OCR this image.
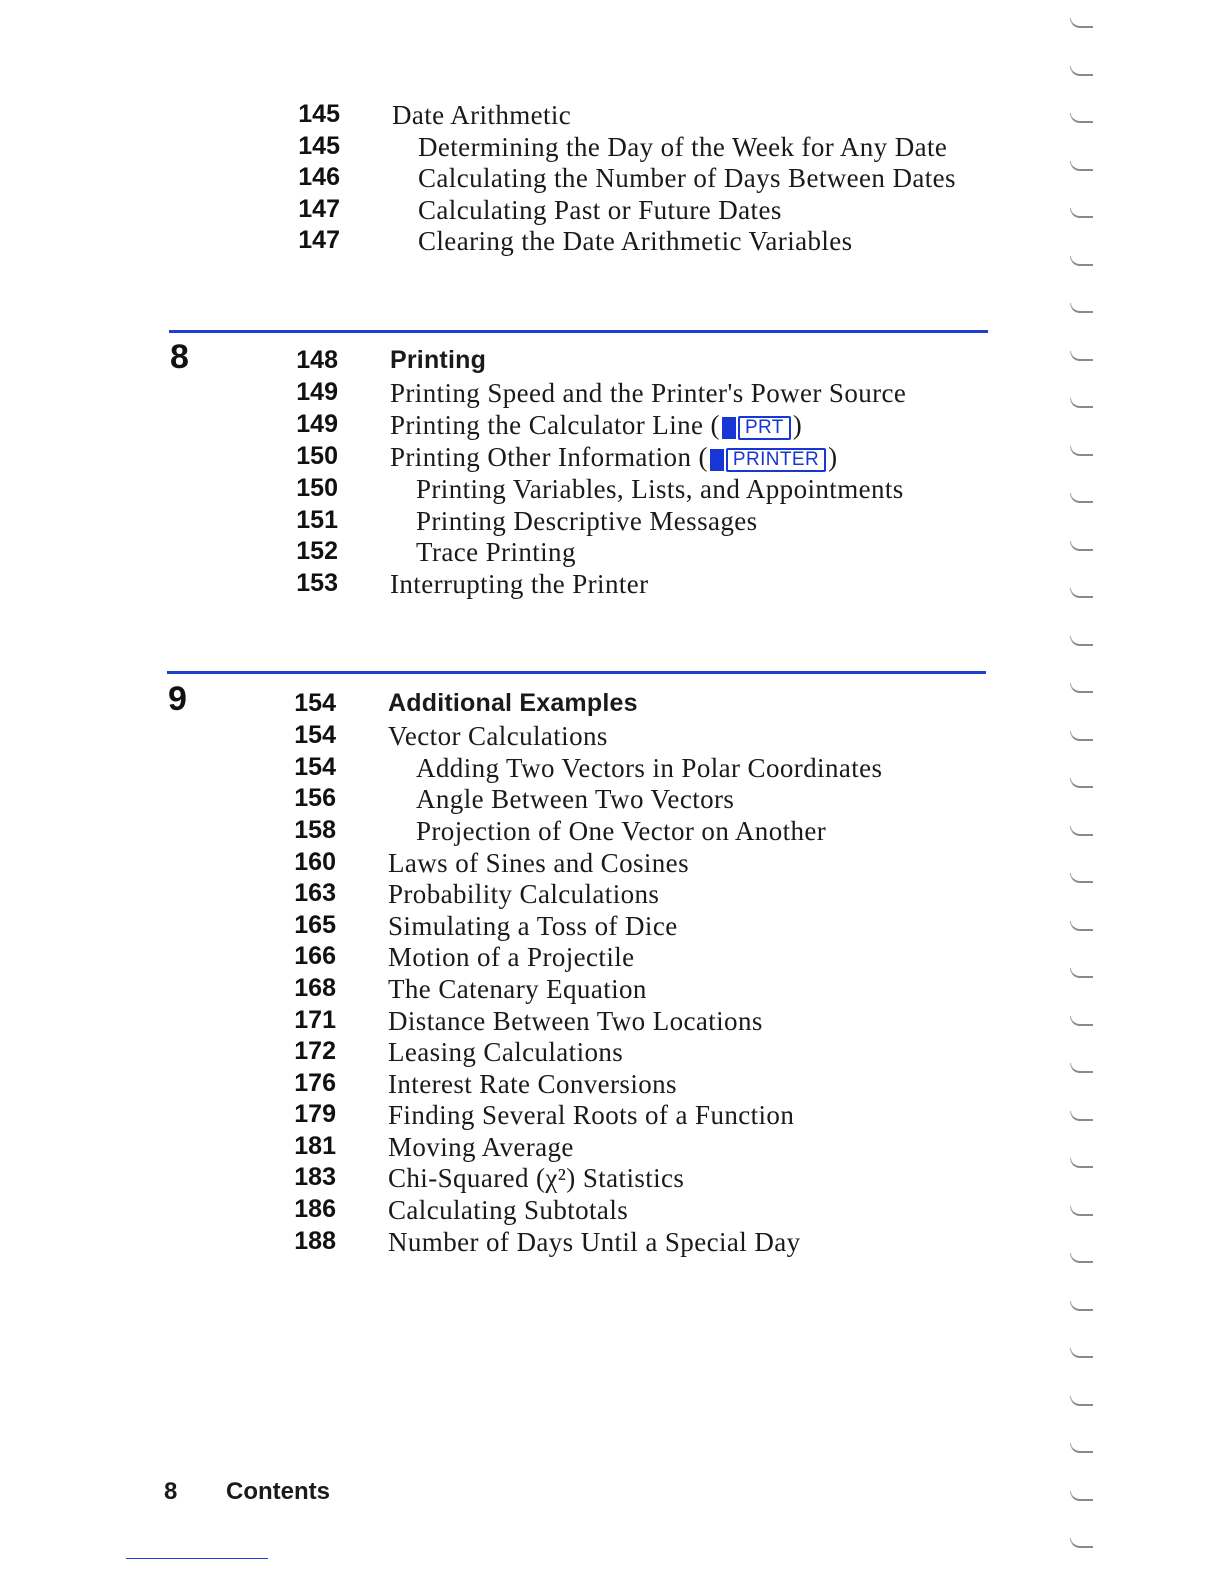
145 Date Arithmetic
145	Determining the Day of the Week for Any Date
146	Calculating the Number of Days Between Dates
147	Calculating Past or Future Dates
147	Clearing the Date Arithmetic Variables
8	148 Printing
149 Printing Speed and the Printer's Power Source
149 Printing the Calculator Line ( PRT )
150 Printing Other Information ( PRINTER )
150	Printing Variables, Lists, and Appointments
151	Printing Descriptive Messages
152	Trace Printing
153 Interrupting the Printer
9	154 Additional Examples
154 Vector Calculations
154	Adding Two Vectors in Polar Coordinates
156	Angle Between Two Vectors
158	Projection of One Vector on Another
160 Laws of Sines and Cosines
163 Probability Calculations
165 Simulating a Toss of Dice
166 Motion of a Projectile
168 The Catenary Equation
171 Distance Between Two Locations
172 Leasing Calculations
176 Interest Rate Conversions
179 Finding Several Roots of a Function
181 Moving Average
183 Chi-Squared (χ²) Statistics
186 Calculating Subtotals
188 Number of Days Until a Special Day
8 Contents
